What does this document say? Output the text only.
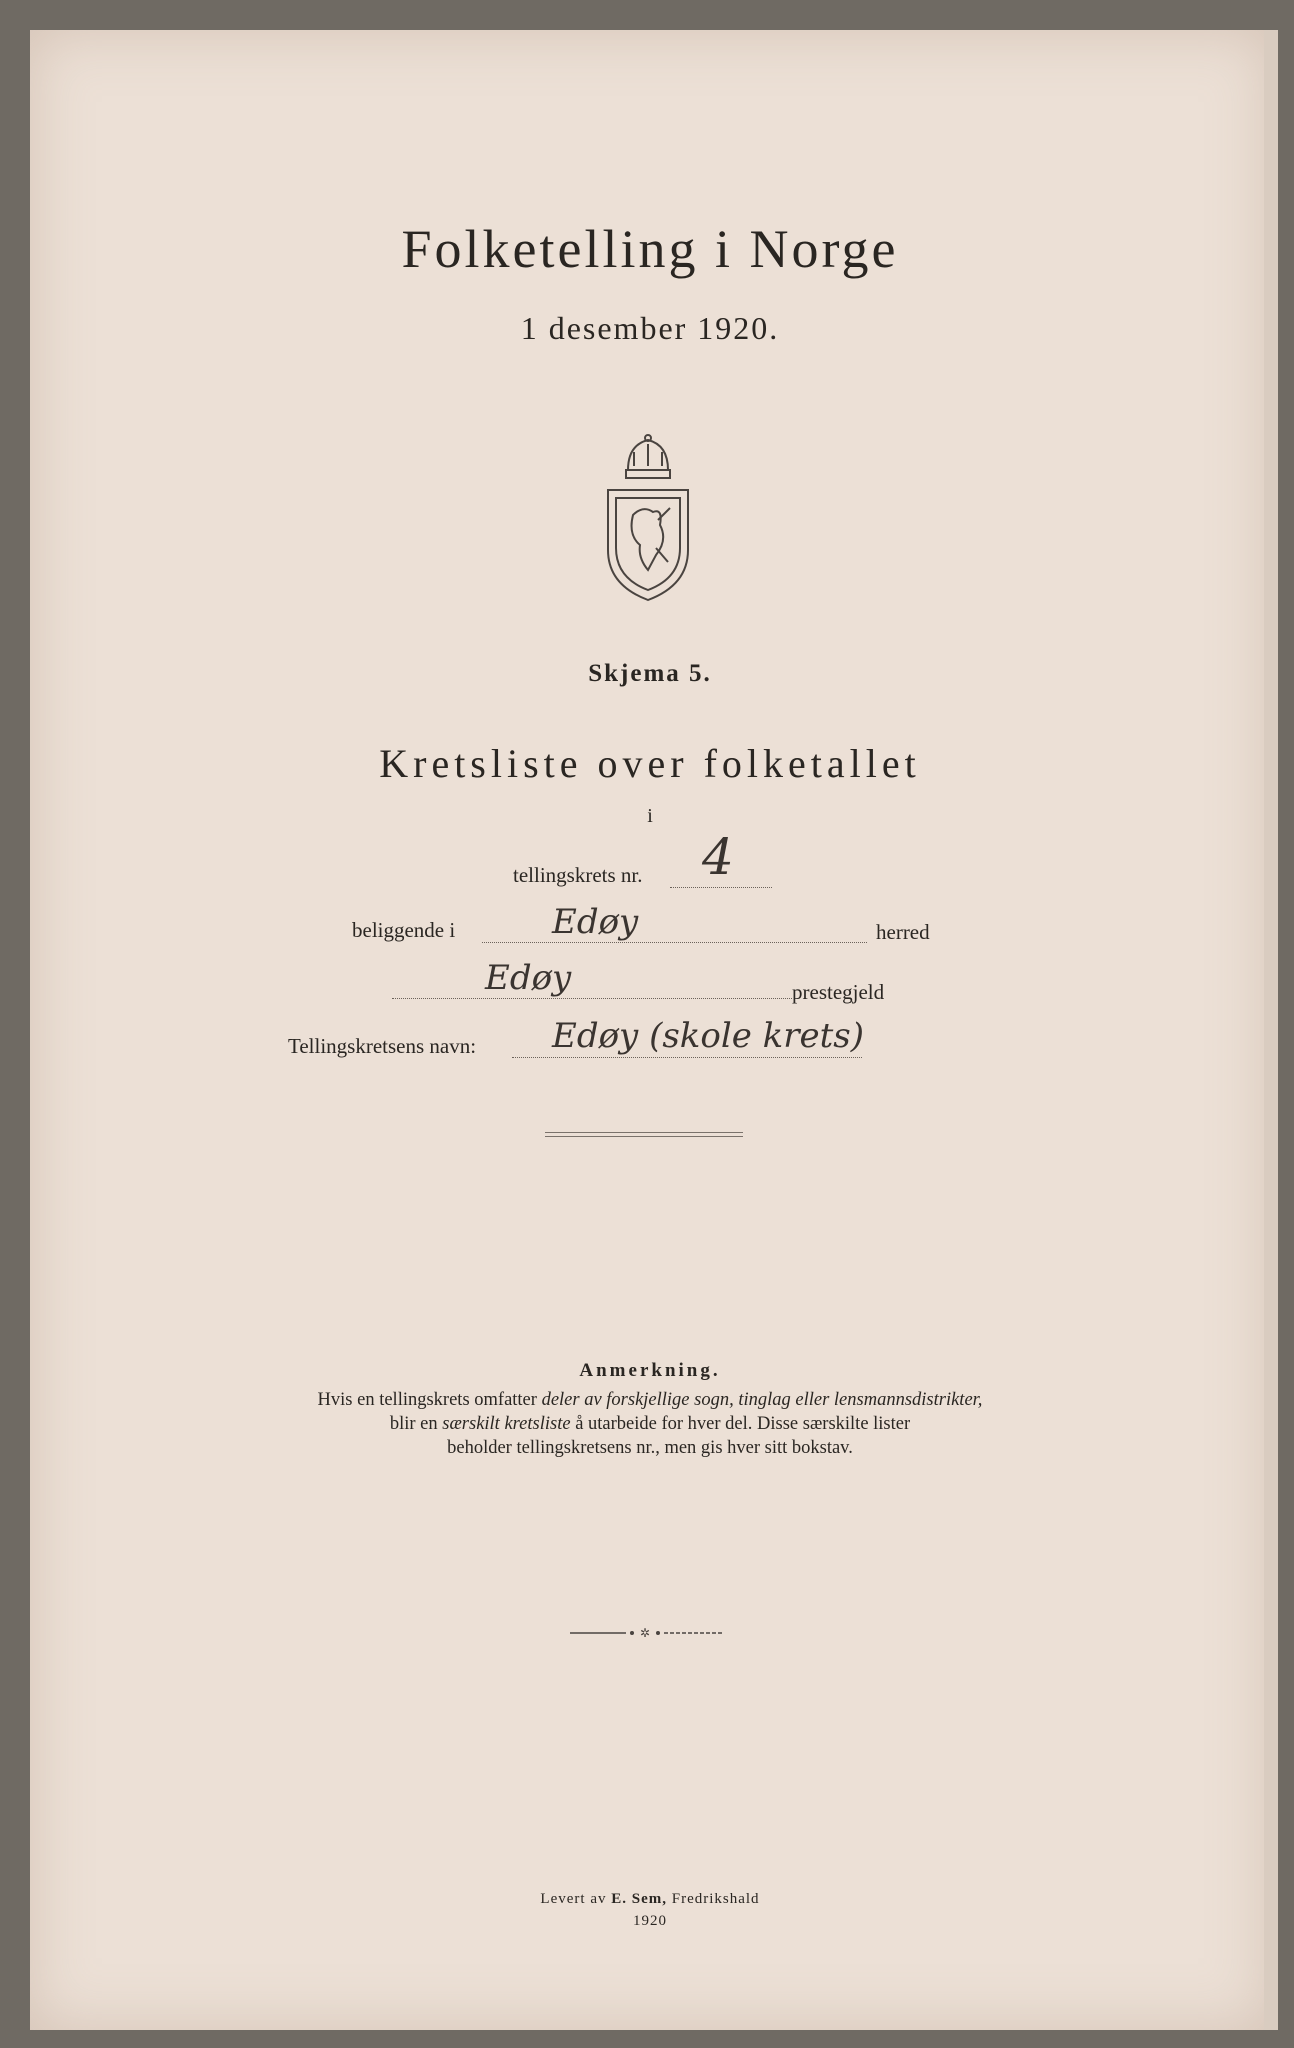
Folketelling i Norge
1 desember 1920.
Skjema 5.
Kretsliste over folketallet
i
tellingskrets nr. 4
beliggende i	Edøy	herred
Edøy	prestegjeld
Tellingskretsens navn: Edøy (skole krets)
Anmerkning.
Hvis en tellingskrets omfatter deler av forskjellige sogn, tinglag eller lensmannsdistrikter,
blir en særskilt kretsliste å utarbeide for hver del. Disse særskilte lister
beholder tellingskretsens nr., men gis hver sitt bokstav.
✲
Levert av E. Sem, Fredrikshald
1920
